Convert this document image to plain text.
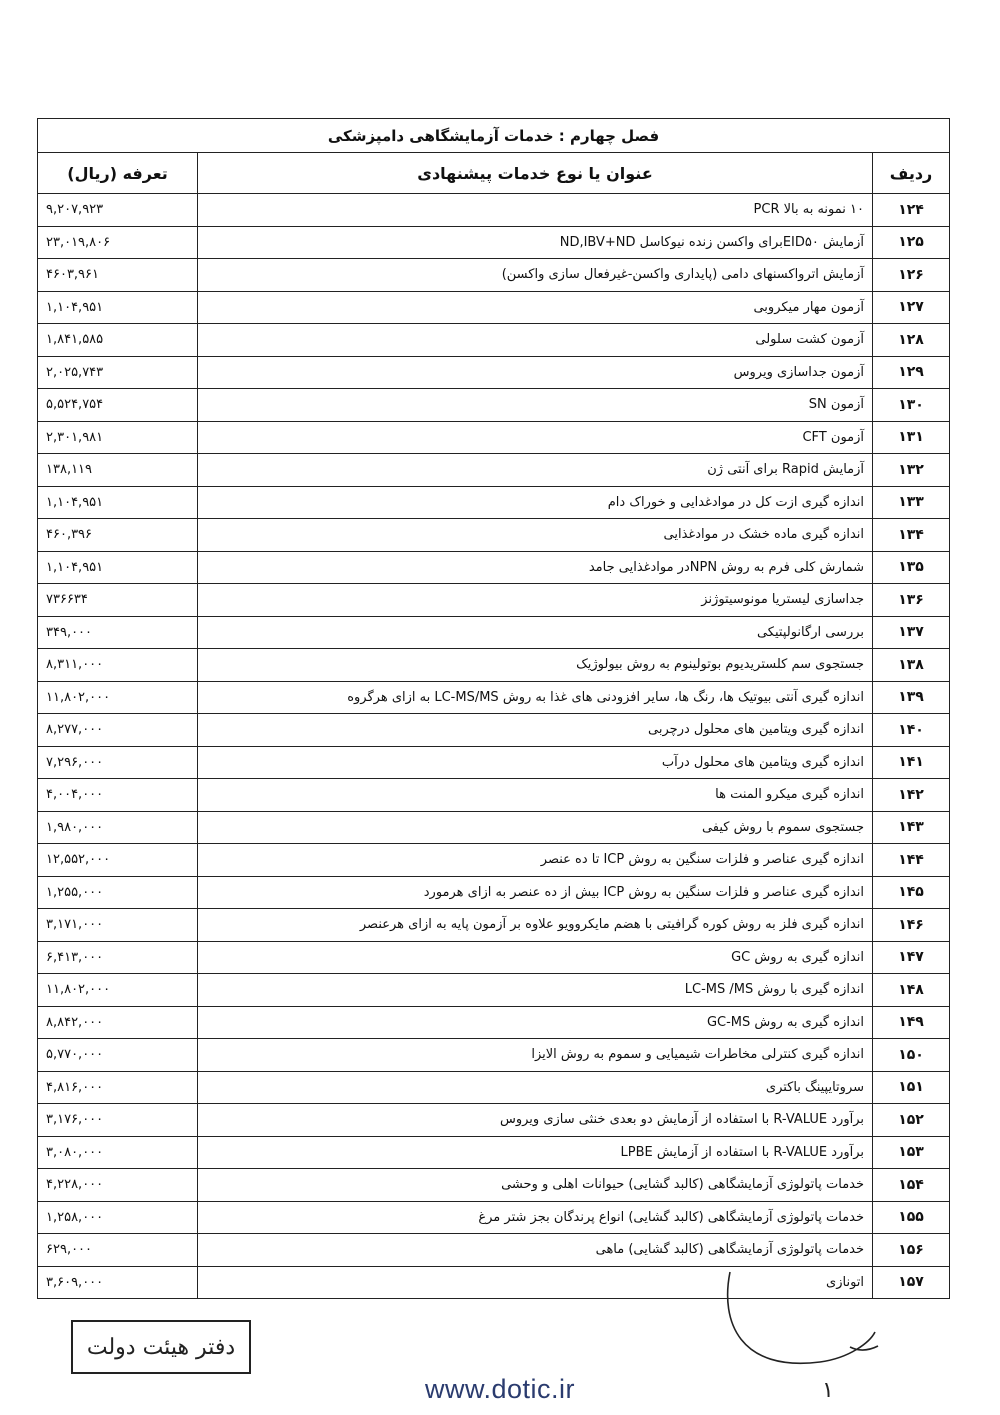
فصل چهارم : خدمات آزمایشگاهی دامپزشکی		
ردیف	عنوان یا نوع خدمات پیشنهادی	تعرفه (ریال)
۱۲۴	۱۰ نمونه به بالا PCR	۹,۲۰۷,۹۲۳
۱۲۵	آزمایش EID۵۰برای واکسن زنده نیوکاسل ND,IBV+ND	۲۳,۰۱۹,۸۰۶
۱۲۶	آزمایش اترواکسنهای دامی (پایداری واکسن-غیرفعال سازی واکسن)	۴۶۰۳,۹۶۱
۱۲۷	آزمون مهار میکروبی	۱,۱۰۴,۹۵۱
۱۲۸	آزمون کشت سلولی	۱,۸۴۱,۵۸۵
۱۲۹	آزمون جداسازی ویروس	۲,۰۲۵,۷۴۳
۱۳۰	آزمون SN	۵,۵۲۴,۷۵۴
۱۳۱	آزمون CFT	۲,۳۰۱,۹۸۱
۱۳۲	آزمایش Rapid برای آنتی ژن	۱۳۸,۱۱۹
۱۳۳	اندازه گیری ازت کل در موادغدایی و خوراک دام	۱,۱۰۴,۹۵۱
۱۳۴	اندازه گیری ماده خشک در موادغذایی	۴۶۰,۳۹۶
۱۳۵	شمارش کلی فرم به روش NPNدر موادغذایی جامد	۱,۱۰۴,۹۵۱
۱۳۶	جداسازی لیستریا مونوسیتوژنز	۷۳۶۶۳۴
۱۳۷	بررسی ارگانولپتیکی	۳۴۹,۰۰۰
۱۳۸	جستجوی سم کلستریدیوم بوتولینوم به روش بیولوژیک	۸,۳۱۱,۰۰۰
۱۳۹	اندازه گیری آنتی بیوتیک ها، رنگ ها، سایر افزودنی های غذا به روش LC-MS/MS به ازای هرگروه	۱۱,۸۰۲,۰۰۰
۱۴۰	اندازه گیری ویتامین های محلول درچربی	۸,۲۷۷,۰۰۰
۱۴۱	اندازه گیری ویتامین های محلول درآب	۷,۲۹۶,۰۰۰
۱۴۲	اندازه گیری میکرو المنت ها	۴,۰۰۴,۰۰۰
۱۴۳	جستجوی سموم با روش کیفی	۱,۹۸۰,۰۰۰
۱۴۴	اندازه گیری عناصر و فلزات سنگین به روش ICP تا ده عنصر	۱۲,۵۵۲,۰۰۰
۱۴۵	اندازه گیری عناصر و فلزات سنگین به روش ICP بیش از ده عنصر به ازای هرمورد	۱,۲۵۵,۰۰۰
۱۴۶	اندازه گیری فلز به روش کوره گرافیتی با هضم مایکروویو علاوه بر آزمون پایه به ازای هرعنصر	۳,۱۷۱,۰۰۰
۱۴۷	اندازه گیری به روش GC	۶,۴۱۳,۰۰۰
۱۴۸	اندازه گیری با روش LC-MS /MS	۱۱,۸۰۲,۰۰۰
۱۴۹	اندازه گیری به روش GC-MS	۸,۸۴۲,۰۰۰
۱۵۰	اندازه گیری کنترلی مخاطرات شیمیایی و سموم به روش الایزا	۵,۷۷۰,۰۰۰
۱۵۱	سروتایپینگ باکتری	۴,۸۱۶,۰۰۰
۱۵۲	برآورد R-VALUE با استفاده از آزمایش دو بعدی خنثی سازی ویروس	۳,۱۷۶,۰۰۰
۱۵۳	برآورد R-VALUE با استفاده از آزمایش LPBE	۳,۰۸۰,۰۰۰
۱۵۴	خدمات پاتولوژی آزمایشگاهی (کالبد گشایی) حیوانات اهلی و وحشی	۴,۲۲۸,۰۰۰
۱۵۵	خدمات پاتولوژی آزمایشگاهی (کالبد گشایی) انواع پرندگان بجز شتر مرغ	۱,۲۵۸,۰۰۰
۱۵۶	خدمات پاتولوژی آزمایشگاهی (کالبد گشایی) ماهی	۶۲۹,۰۰۰
۱۵۷	اتونازی	۳,۶۰۹,۰۰۰
دفتر هیئت دولت
۱
www.dotic.ir
